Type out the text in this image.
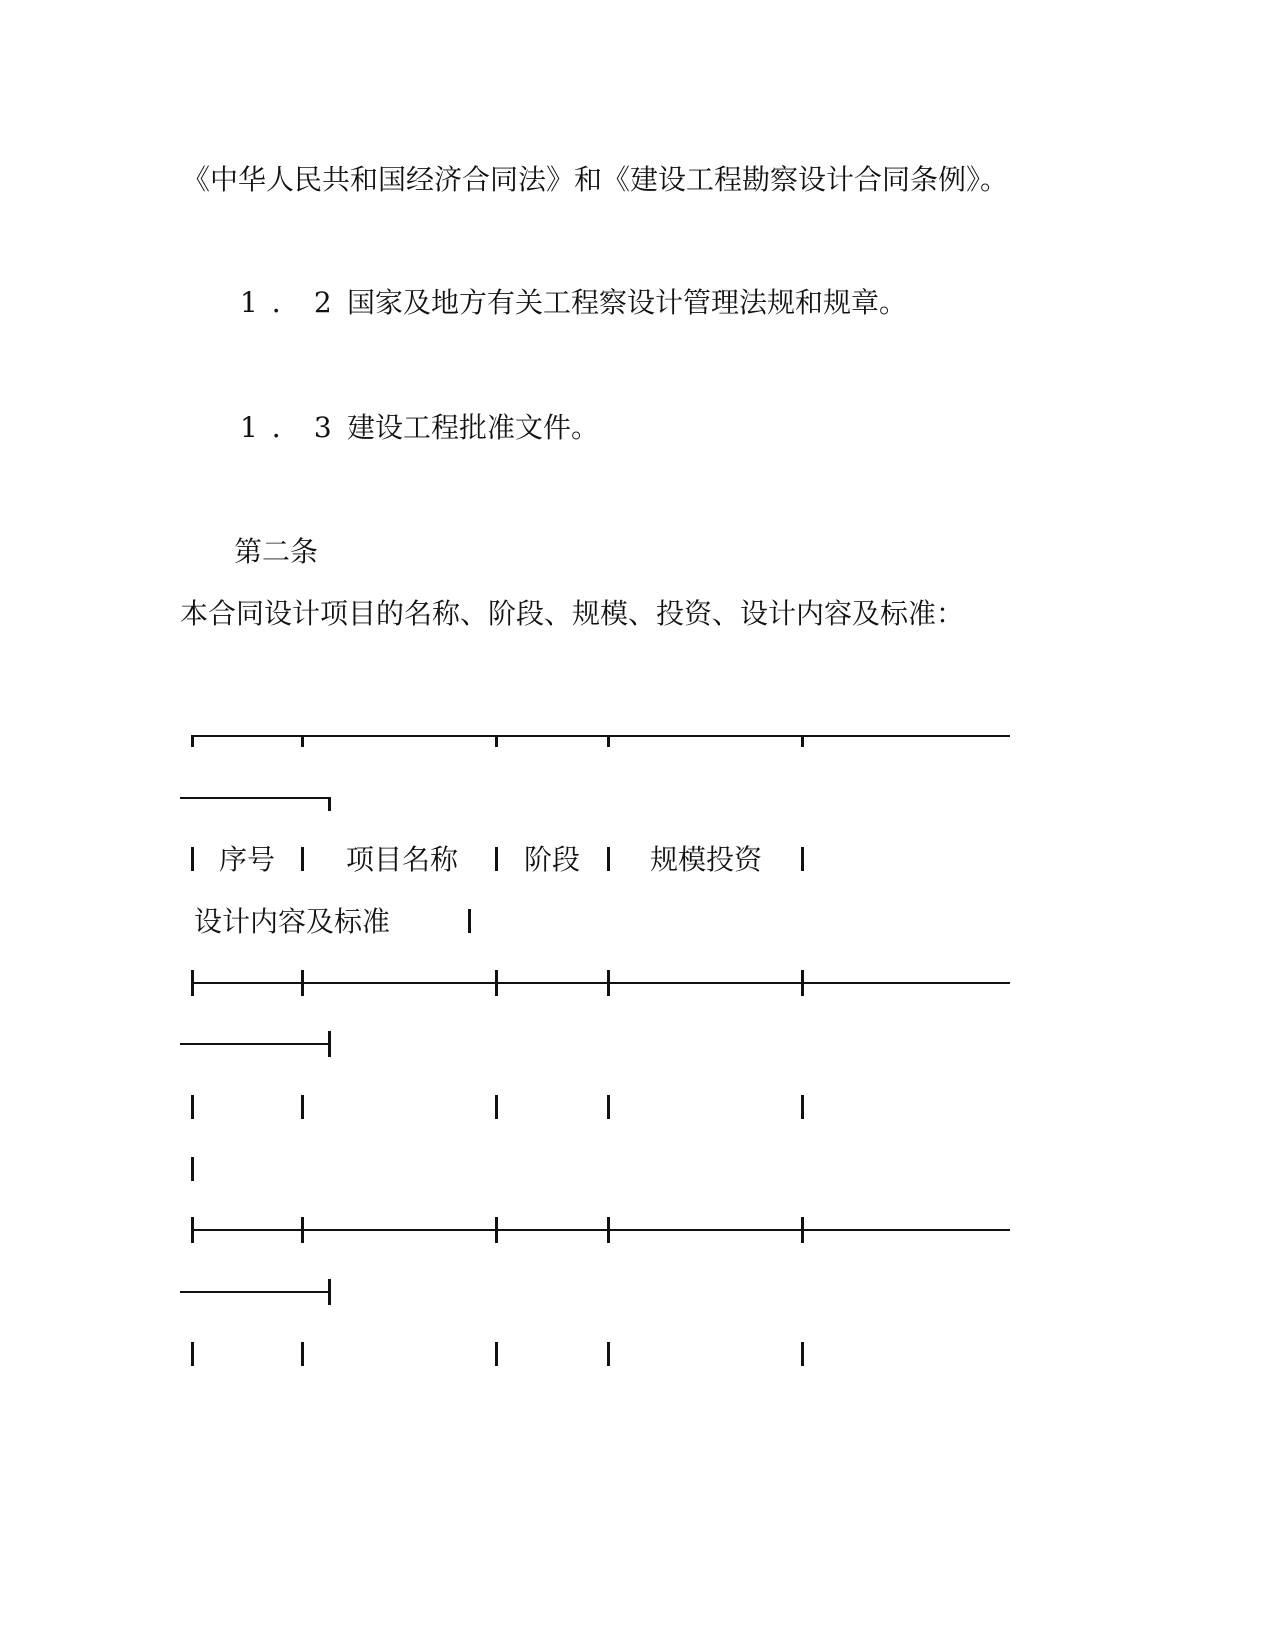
《中华人民共和国经济合同法》和《建设工程勘察设计合同条例》。
1．2 国家及地方有关工程察设计管理法规和规章。
1．3 建设工程批准文件。
第二条
本合同设计项目的名称、阶段、规模、投资、设计内容及标准：
序号	项目名称 阶段 规模投资
设计内容及标准
